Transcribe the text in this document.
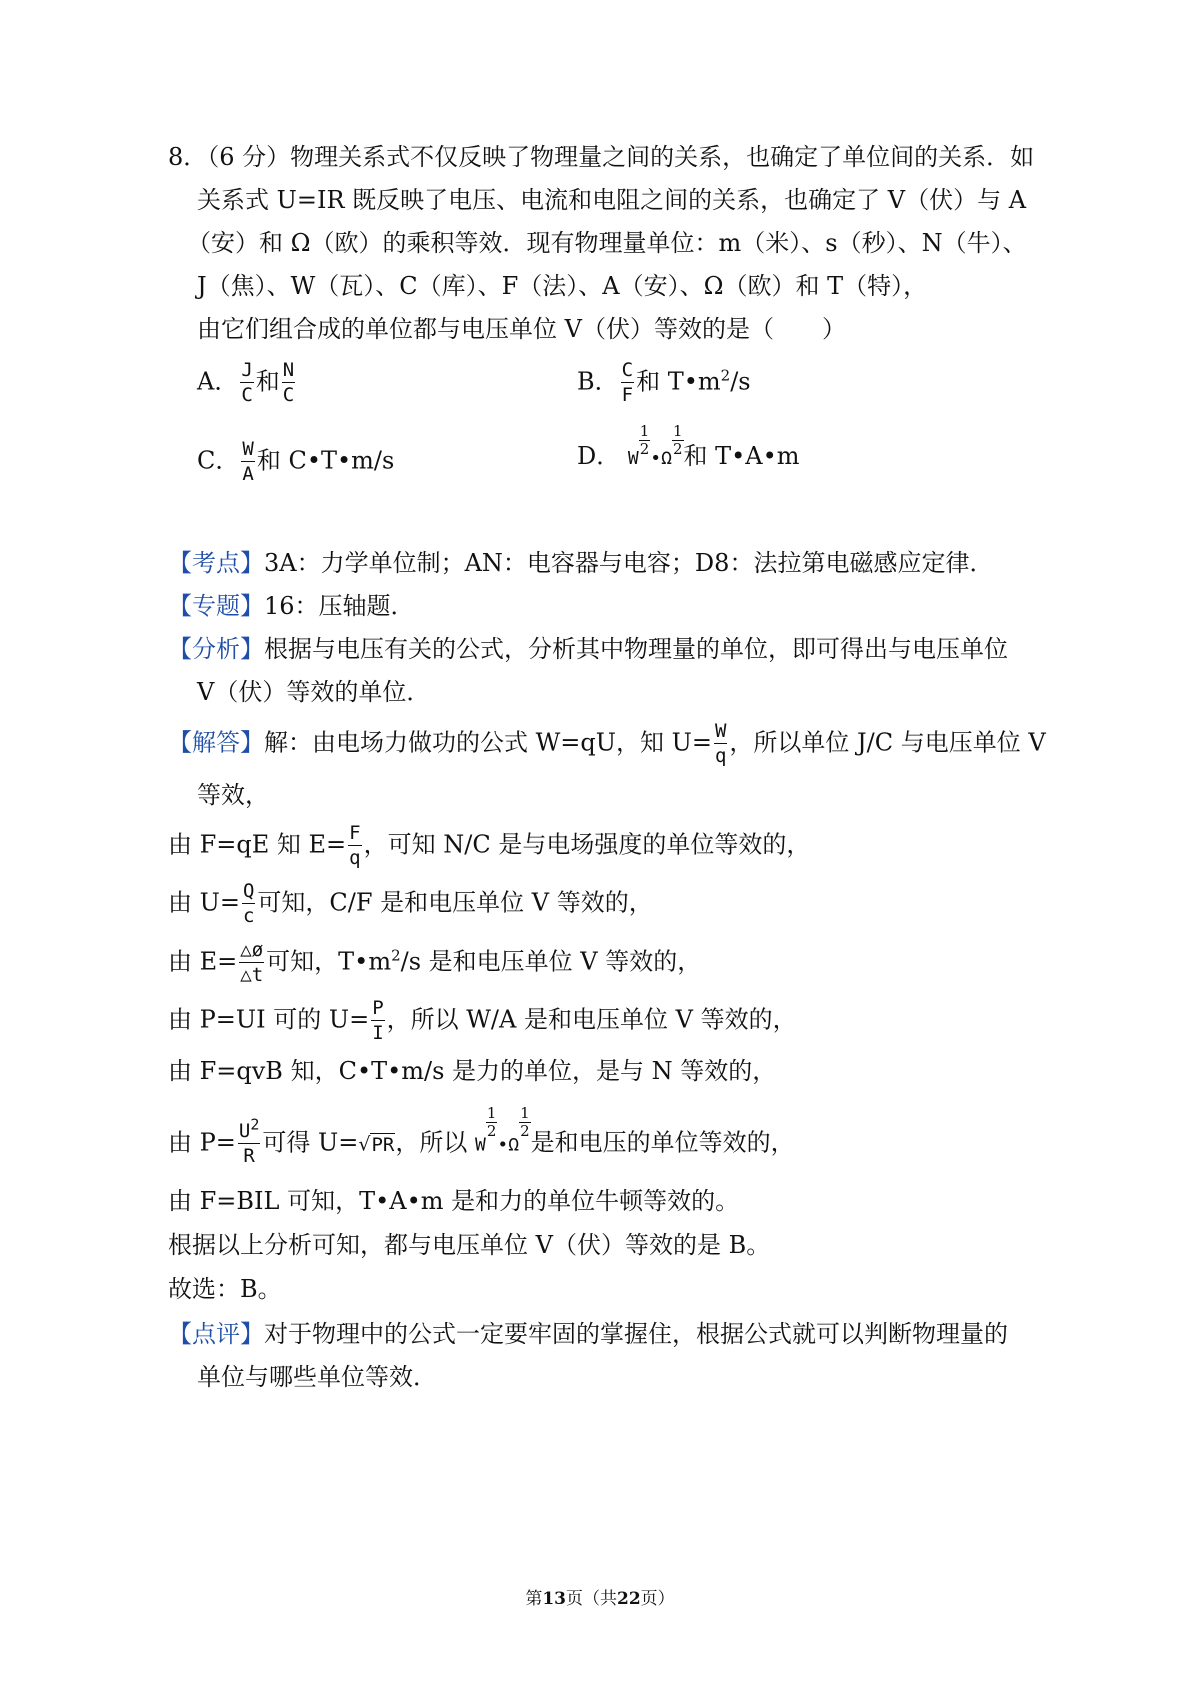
8．（6 分）物理关系式不仅反映了物理量之间的关系，也确定了单位间的关系．如
关系式 U=IR 既反映了电压、电流和电阻之间的关系，也确定了 V（伏）与 A
（安）和 Ω（欧）的乘积等效．现有物理量单位：m（米）、s（秒）、N（牛）、
J（焦）、W（瓦）、C（库）、F（法）、A（安）、Ω（欧）和 T（特），
由它们组合成的单位都与电压单位 V（伏）等效的是（　　）
A． $\frac{J}{C}$ 和 $\frac{N}{C}$	B． $\frac{C}{F}$ 和 $T•m^2/s$
C． $\frac{W}{A}$ 和 C•T•m/s	D． W
$\frac{1}{2}$
•Ω
$\frac{1}{2}$ 和 T•A•m
【考点】3A：力学单位制；AN：电容器与电容；D8：法拉第电磁感应定律．
【专题】16：压轴题．
【分析】根据与电压有关的公式，分析其中物理量的单位，即可得出与电压单位
V（伏）等效的单位．
【解答】解：由电场力做功的公式 W=qU，知 $U= \frac{W}{q}$ ，所以单位 J/C 与电压单位 V
等效，
由 F=qE 知 $E= \frac{F}{q}$ ，可知 N/C 是与电场强度的单位等效的，
由 $U= \frac{Q}{c}$ 可知，C/F 是和电压单位 V 等效的，
由 $E= \frac{\triangle ø}{\triangle t}$ 可知，$T•m^2/s$ 是和电压单位 V 等效的，
由 P=UI 可的 $U= \frac{P}{I}$ ，所以 W/A 是和电压单位 V 等效的，
由 F=qvB 知，C•T•m/s 是力的单位，是与 N 等效的，
由 $P= \frac{U^2}{R}$ 可得 U=√PR，所以 W
$\frac{1}{2}$
•Ω
$\frac{1}{2}$
是和电压的单位等效的，
由 F=BIL 可知，T•A•m 是和力的单位牛顿等效的。
根据以上分析可知，都与电压单位 V（伏）等效的是 B。
故选：B。
【点评】对于物理中的公式一定要牢固的掌握住，根据公式就可以判断物理量的
单位与哪些单位等效．
第13页（共22页）
